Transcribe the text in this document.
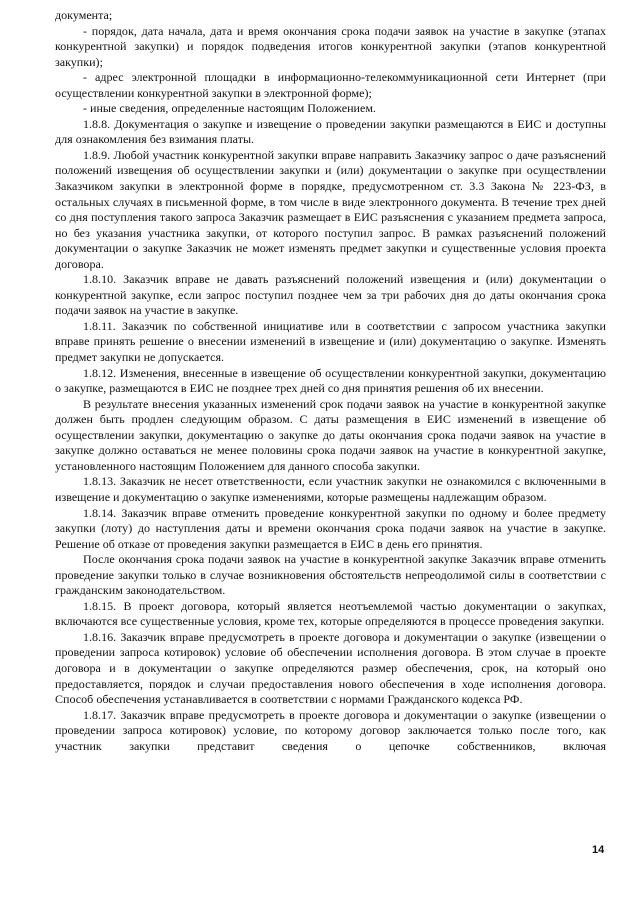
документа;

- порядок, дата начала, дата и время окончания срока подачи заявок на участие в закупке (этапах конкурентной закупки) и порядок подведения итогов конкурентной закупки (этапов конкурентной закупки);

- адрес электронной площадки в информационно-телекоммуникационной сети Интернет (при осуществлении конкурентной закупки в электронной форме);

- иные сведения, определенные настоящим Положением.

1.8.8. Документация о закупке и извещение о проведении закупки размещаются в ЕИС и доступны для ознакомления без взимания платы.

1.8.9. Любой участник конкурентной закупки вправе направить Заказчику запрос о даче разъяснений положений извещения об осуществлении закупки и (или) документации о закупке при осуществлении Заказчиком закупки в электронной форме в порядке, предусмотренном ст. 3.3 Закона № 223-ФЗ, в остальных случаях в письменной форме, в том числе в виде электронного документа. В течение трех дней со дня поступления такого запроса Заказчик размещает в ЕИС разъяснения с указанием предмета запроса, но без указания участника закупки, от которого поступил запрос. В рамках разъяснений положений документации о закупке Заказчик не может изменять предмет закупки и существенные условия проекта договора.

1.8.10. Заказчик вправе не давать разъяснений положений извещения и (или) документации о конкурентной закупке, если запрос поступил позднее чем за три рабочих дня до даты окончания срока подачи заявок на участие в закупке.

1.8.11. Заказчик по собственной инициативе или в соответствии с запросом участника закупки вправе принять решение о внесении изменений в извещение и (или) документацию о закупке. Изменять предмет закупки не допускается.

1.8.12. Изменения, внесенные в извещение об осуществлении конкурентной закупки, документацию о закупке, размещаются в ЕИС не позднее трех дней со дня принятия решения об их внесении.

В результате внесения указанных изменений срок подачи заявок на участие в конкурентной закупке должен быть продлен следующим образом. С даты размещения в ЕИС изменений в извещение об осуществлении закупки, документацию о закупке до даты окончания срока подачи заявок на участие в закупке должно оставаться не менее половины срока подачи заявок на участие в конкурентной закупке, установленного настоящим Положением для данного способа закупки.

1.8.13. Заказчик не несет ответственности, если участник закупки не ознакомился с включенными в извещение и документацию о закупке изменениями, которые размещены надлежащим образом.

1.8.14. Заказчик вправе отменить проведение конкурентной закупки по одному и более предмету закупки (лоту) до наступления даты и времени окончания срока подачи заявок на участие в закупке. Решение об отказе от проведения закупки размещается в ЕИС в день его принятия.

После окончания срока подачи заявок на участие в конкурентной закупке Заказчик вправе отменить проведение закупки только в случае возникновения обстоятельств непреодолимой силы в соответствии с гражданским законодательством.

1.8.15. В проект договора, который является неотъемлемой частью документации о закупках, включаются все существенные условия, кроме тех, которые определяются в процессе проведения закупки.

1.8.16. Заказчик вправе предусмотреть в проекте договора и документации о закупке (извещении о проведении запроса котировок) условие об обеспечении исполнения договора. В этом случае в проекте договора и в документации о закупке определяются размер обеспечения, срок, на который оно предоставляется, порядок и случаи предоставления нового обеспечения в ходе исполнения договора. Способ обеспечения устанавливается в соответствии с нормами Гражданского кодекса РФ.

1.8.17. Заказчик вправе предусмотреть в проекте договора и документации о закупке (извещении о проведении запроса котировок) условие, по которому договор заключается только после того, как участник закупки представит сведения о цепочке собственников, включая

14
